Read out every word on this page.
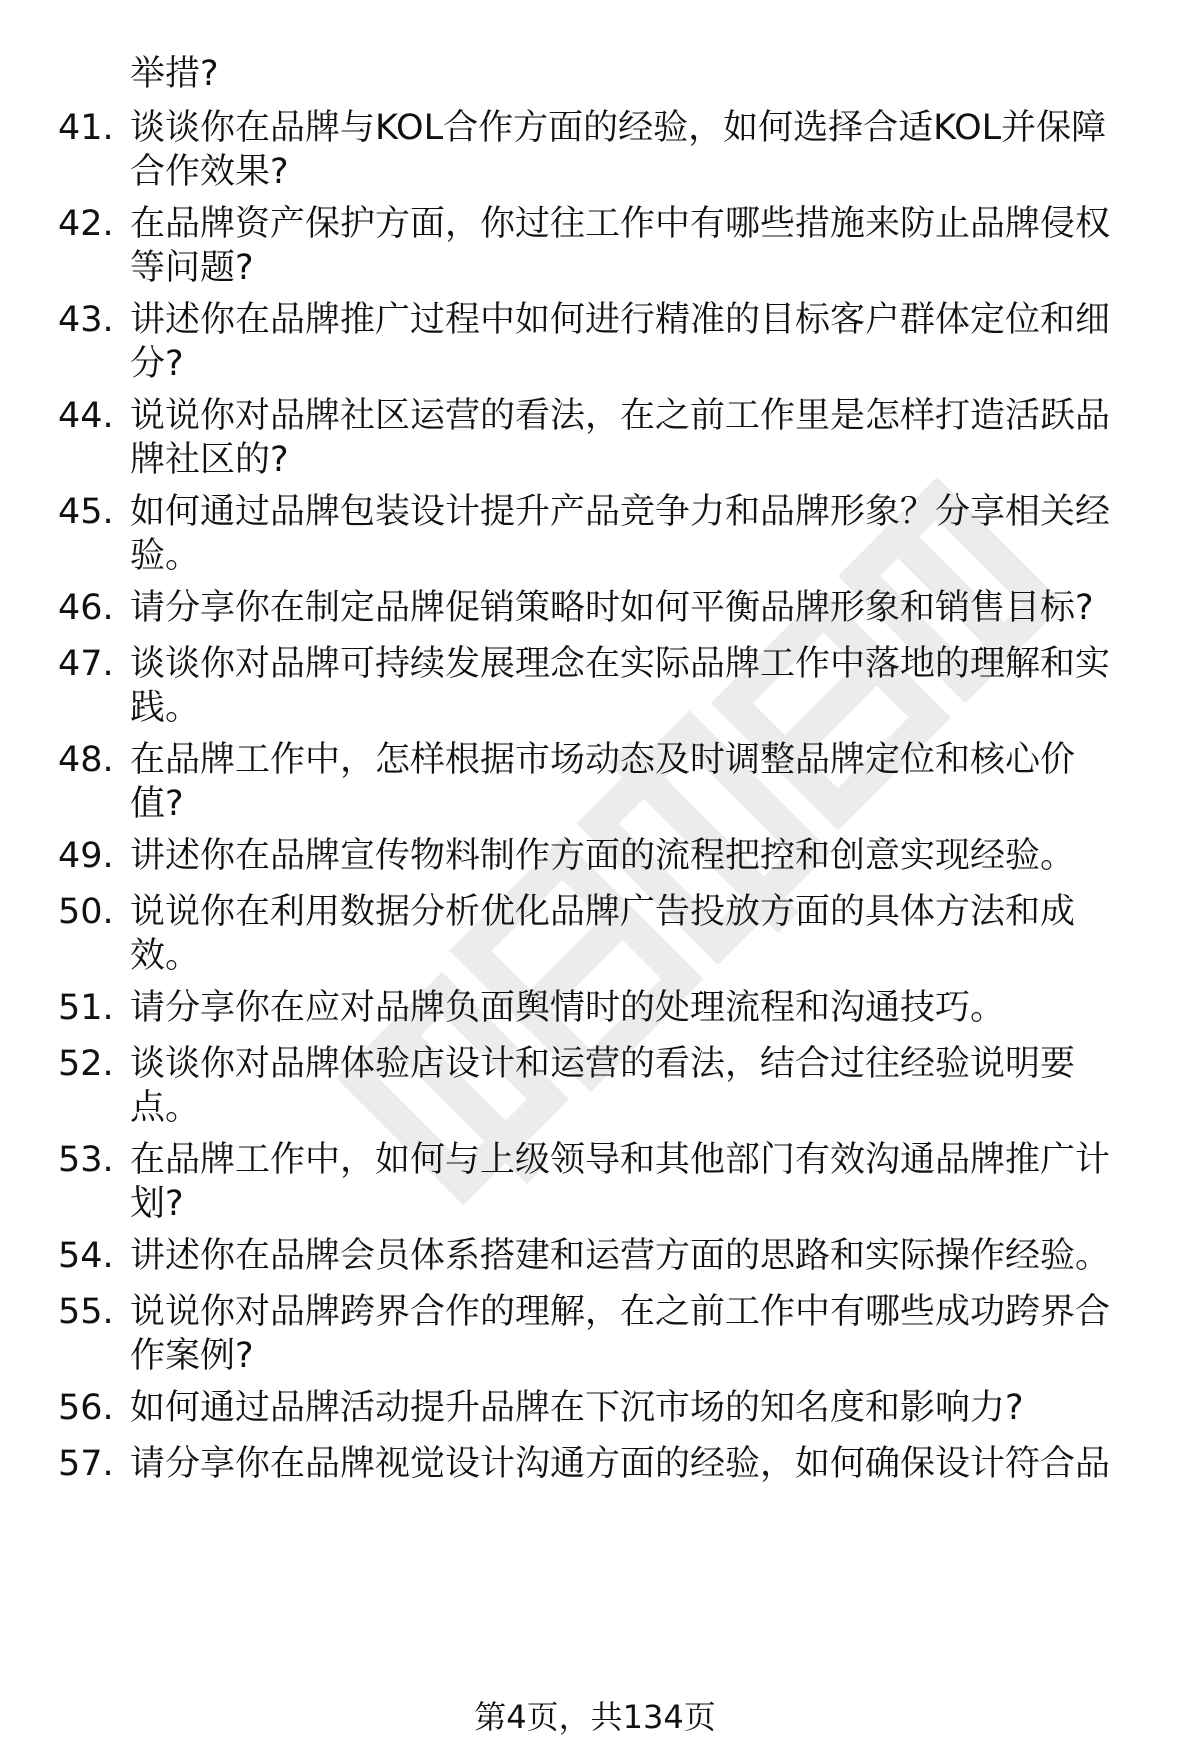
举措?
41. 谈谈你在品牌与KOL合作方面的经验，如何选择合适KOL并保障
合作效果?
42. 在品牌资产保护方面，你过往工作中有哪些措施来防止品牌侵权
等问题?
43. 讲述你在品牌推广过程中如何进行精准的目标客户群体定位和细
分?
44. 说说你对品牌社区运营的看法，在之前工作里是怎样打造活跃品
牌社区的?
45. 如何通过品牌包装设计提升产品竞争力和品牌形象？分享相关经
验。
46. 请分享你在制定品牌促销策略时如何平衡品牌形象和销售目标?
47. 谈谈你对品牌可持续发展理念在实际品牌工作中落地的理解和实
践。
48. 在品牌工作中，怎样根据市场动态及时调整品牌定位和核心价
值?
49. 讲述你在品牌宣传物料制作方面的流程把控和创意实现经验。
50. 说说你在利用数据分析优化品牌广告投放方面的具体方法和成
效。
51. 请分享你在应对品牌负面舆情时的处理流程和沟通技巧。
52. 谈谈你对品牌体验店设计和运营的看法，结合过往经验说明要
点。
53. 在品牌工作中，如何与上级领导和其他部门有效沟通品牌推广计
划?
54. 讲述你在品牌会员体系搭建和运营方面的思路和实际操作经验。
55. 说说你对品牌跨界合作的理解，在之前工作中有哪些成功跨界合
作案例?
56. 如何通过品牌活动提升品牌在下沉市场的知名度和影响力?
57. 请分享你在品牌视觉设计沟通方面的经验，如何确保设计符合品
第4页，共134页
